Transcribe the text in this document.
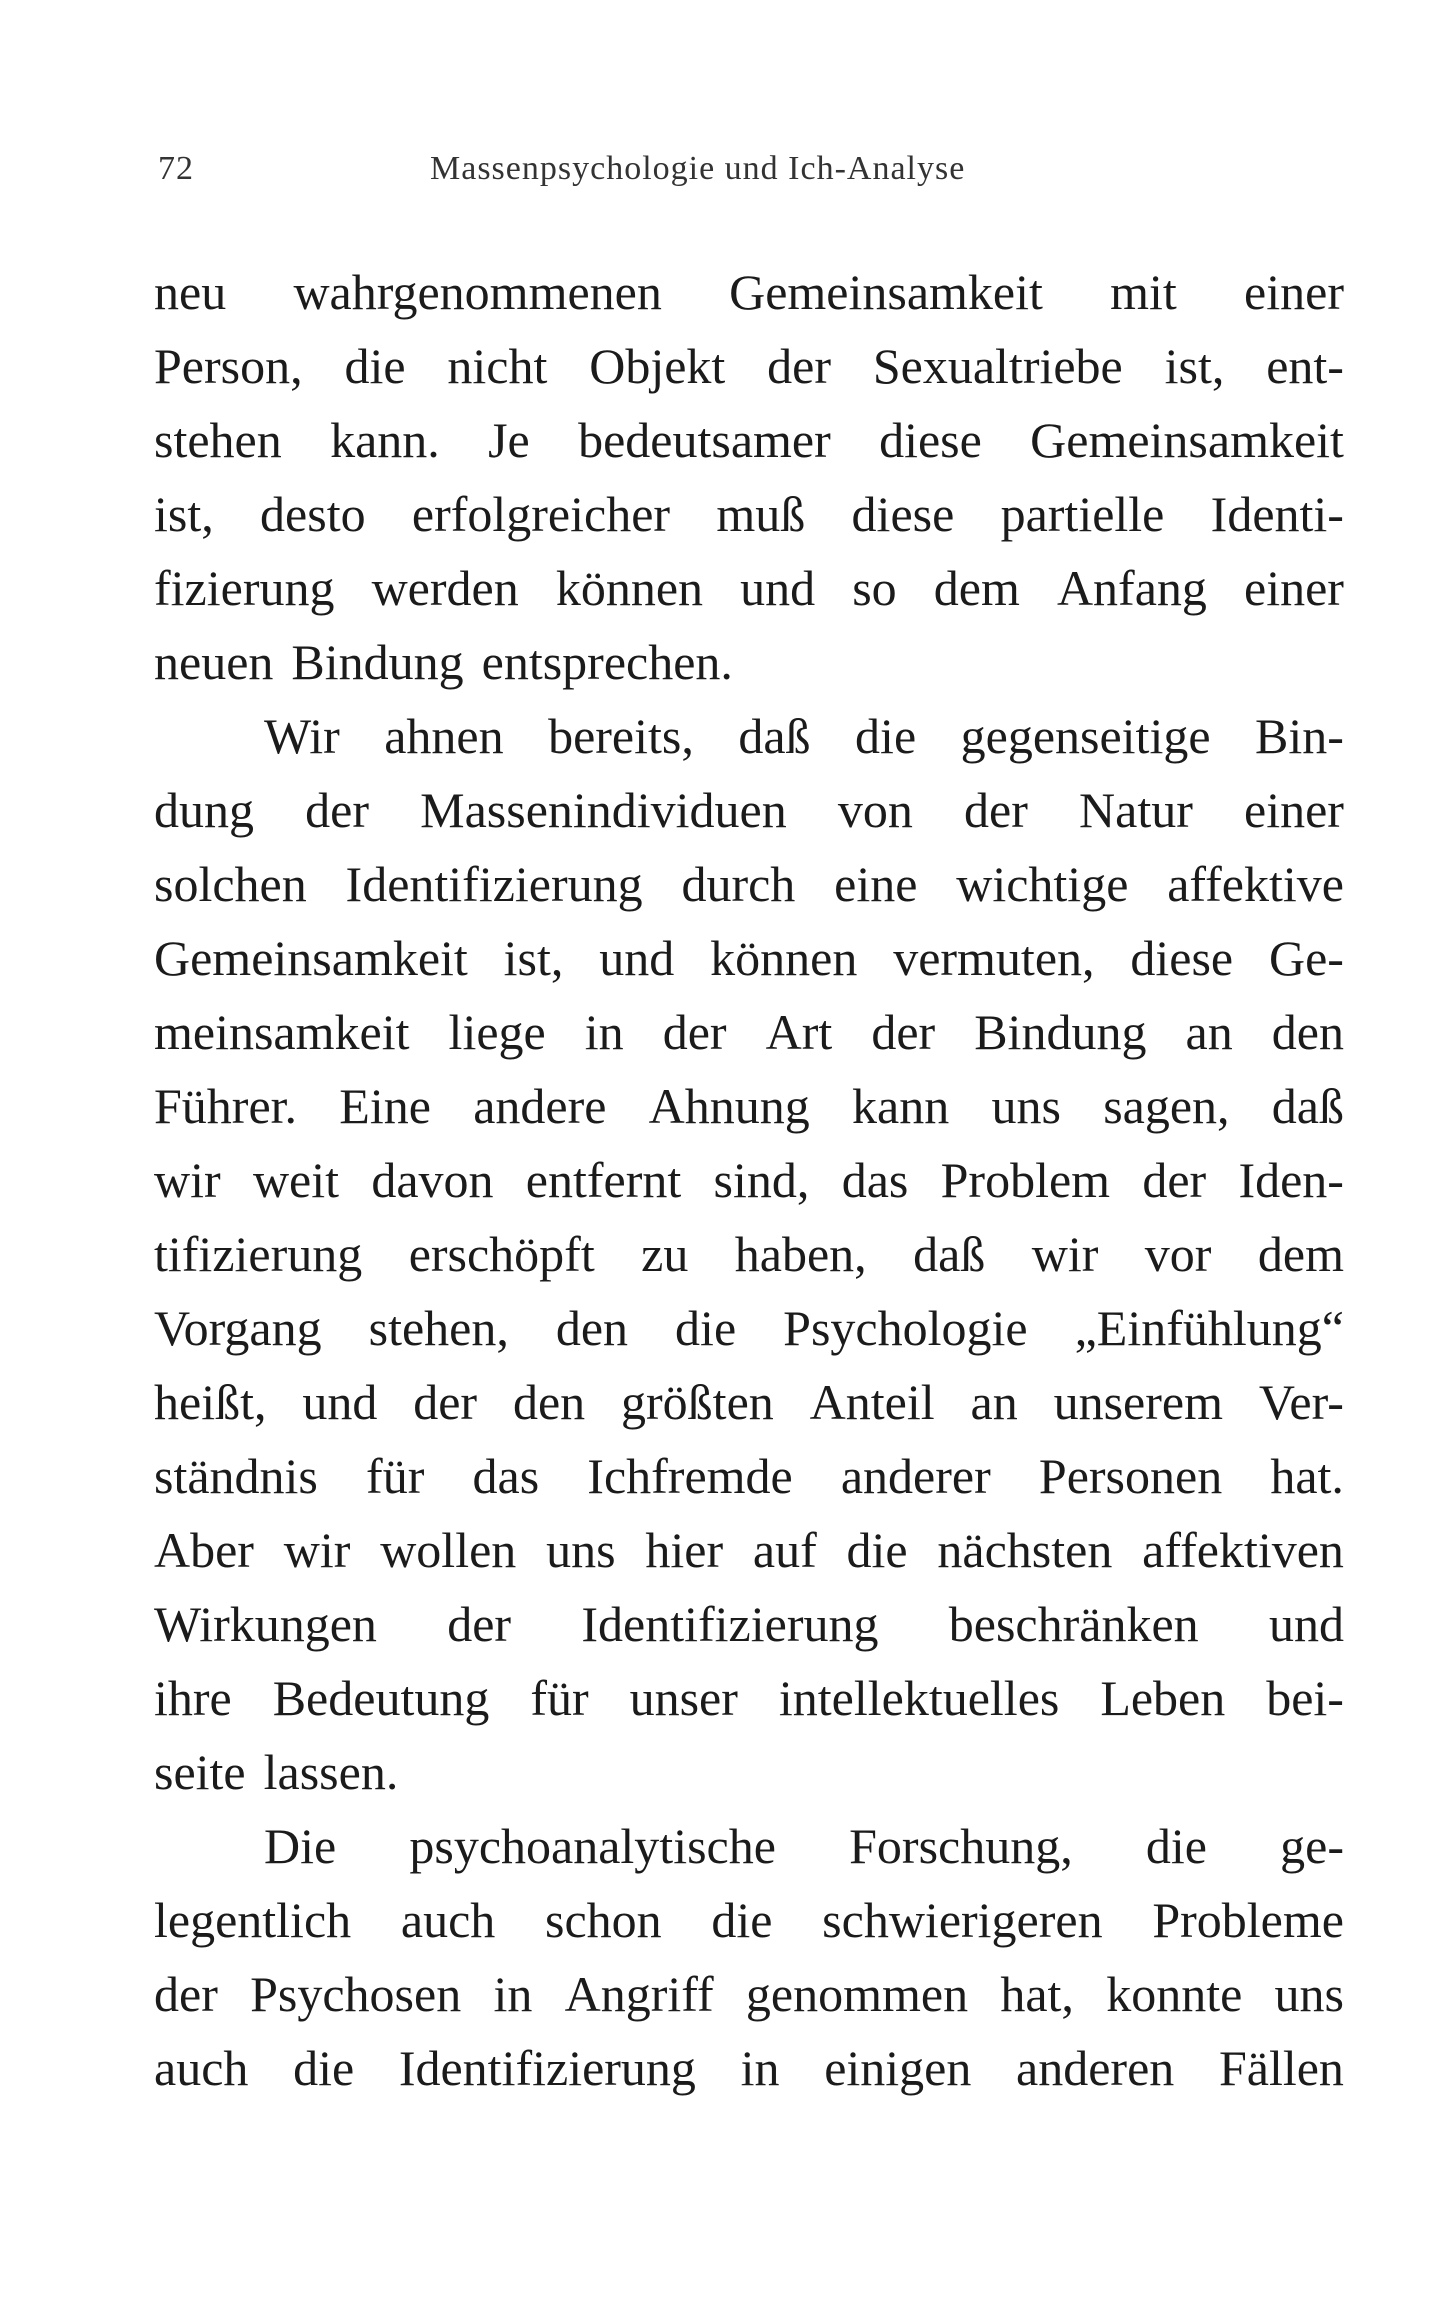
72	Massenpsychologie und Ich-Analyse
neu wahrgenommenen Gemeinsamkeit mit einer
Person, die nicht Objekt der Sexualtriebe ist, ent-
stehen kann. Je bedeutsamer diese Gemeinsamkeit
ist, desto erfolgreicher muß diese partielle Identi-
fizierung werden können und so dem Anfang einer
neuen Bindung entsprechen.
Wir ahnen bereits, daß die gegenseitige Bin-
dung der Massenindividuen von der Natur einer
solchen Identifizierung durch eine wichtige affektive
Gemeinsamkeit ist, und können vermuten, diese Ge-
meinsamkeit liege in der Art der Bindung an den
Führer. Eine andere Ahnung kann uns sagen, daß
wir weit davon entfernt sind, das Problem der Iden-
tifizierung erschöpft zu haben, daß wir vor dem
Vorgang stehen, den die Psychologie „Einfühlung“
heißt, und der den größten Anteil an unserem Ver-
ständnis für das Ichfremde anderer Personen hat.
Aber wir wollen uns hier auf die nächsten affektiven
Wirkungen der Identifizierung beschränken und
ihre Bedeutung für unser intellektuelles Leben bei-
seite lassen.
Die psychoanalytische Forschung, die ge-
legentlich auch schon die schwierigeren Probleme
der Psychosen in Angriff genommen hat, konnte uns
auch die Identifizierung in einigen anderen Fällen
